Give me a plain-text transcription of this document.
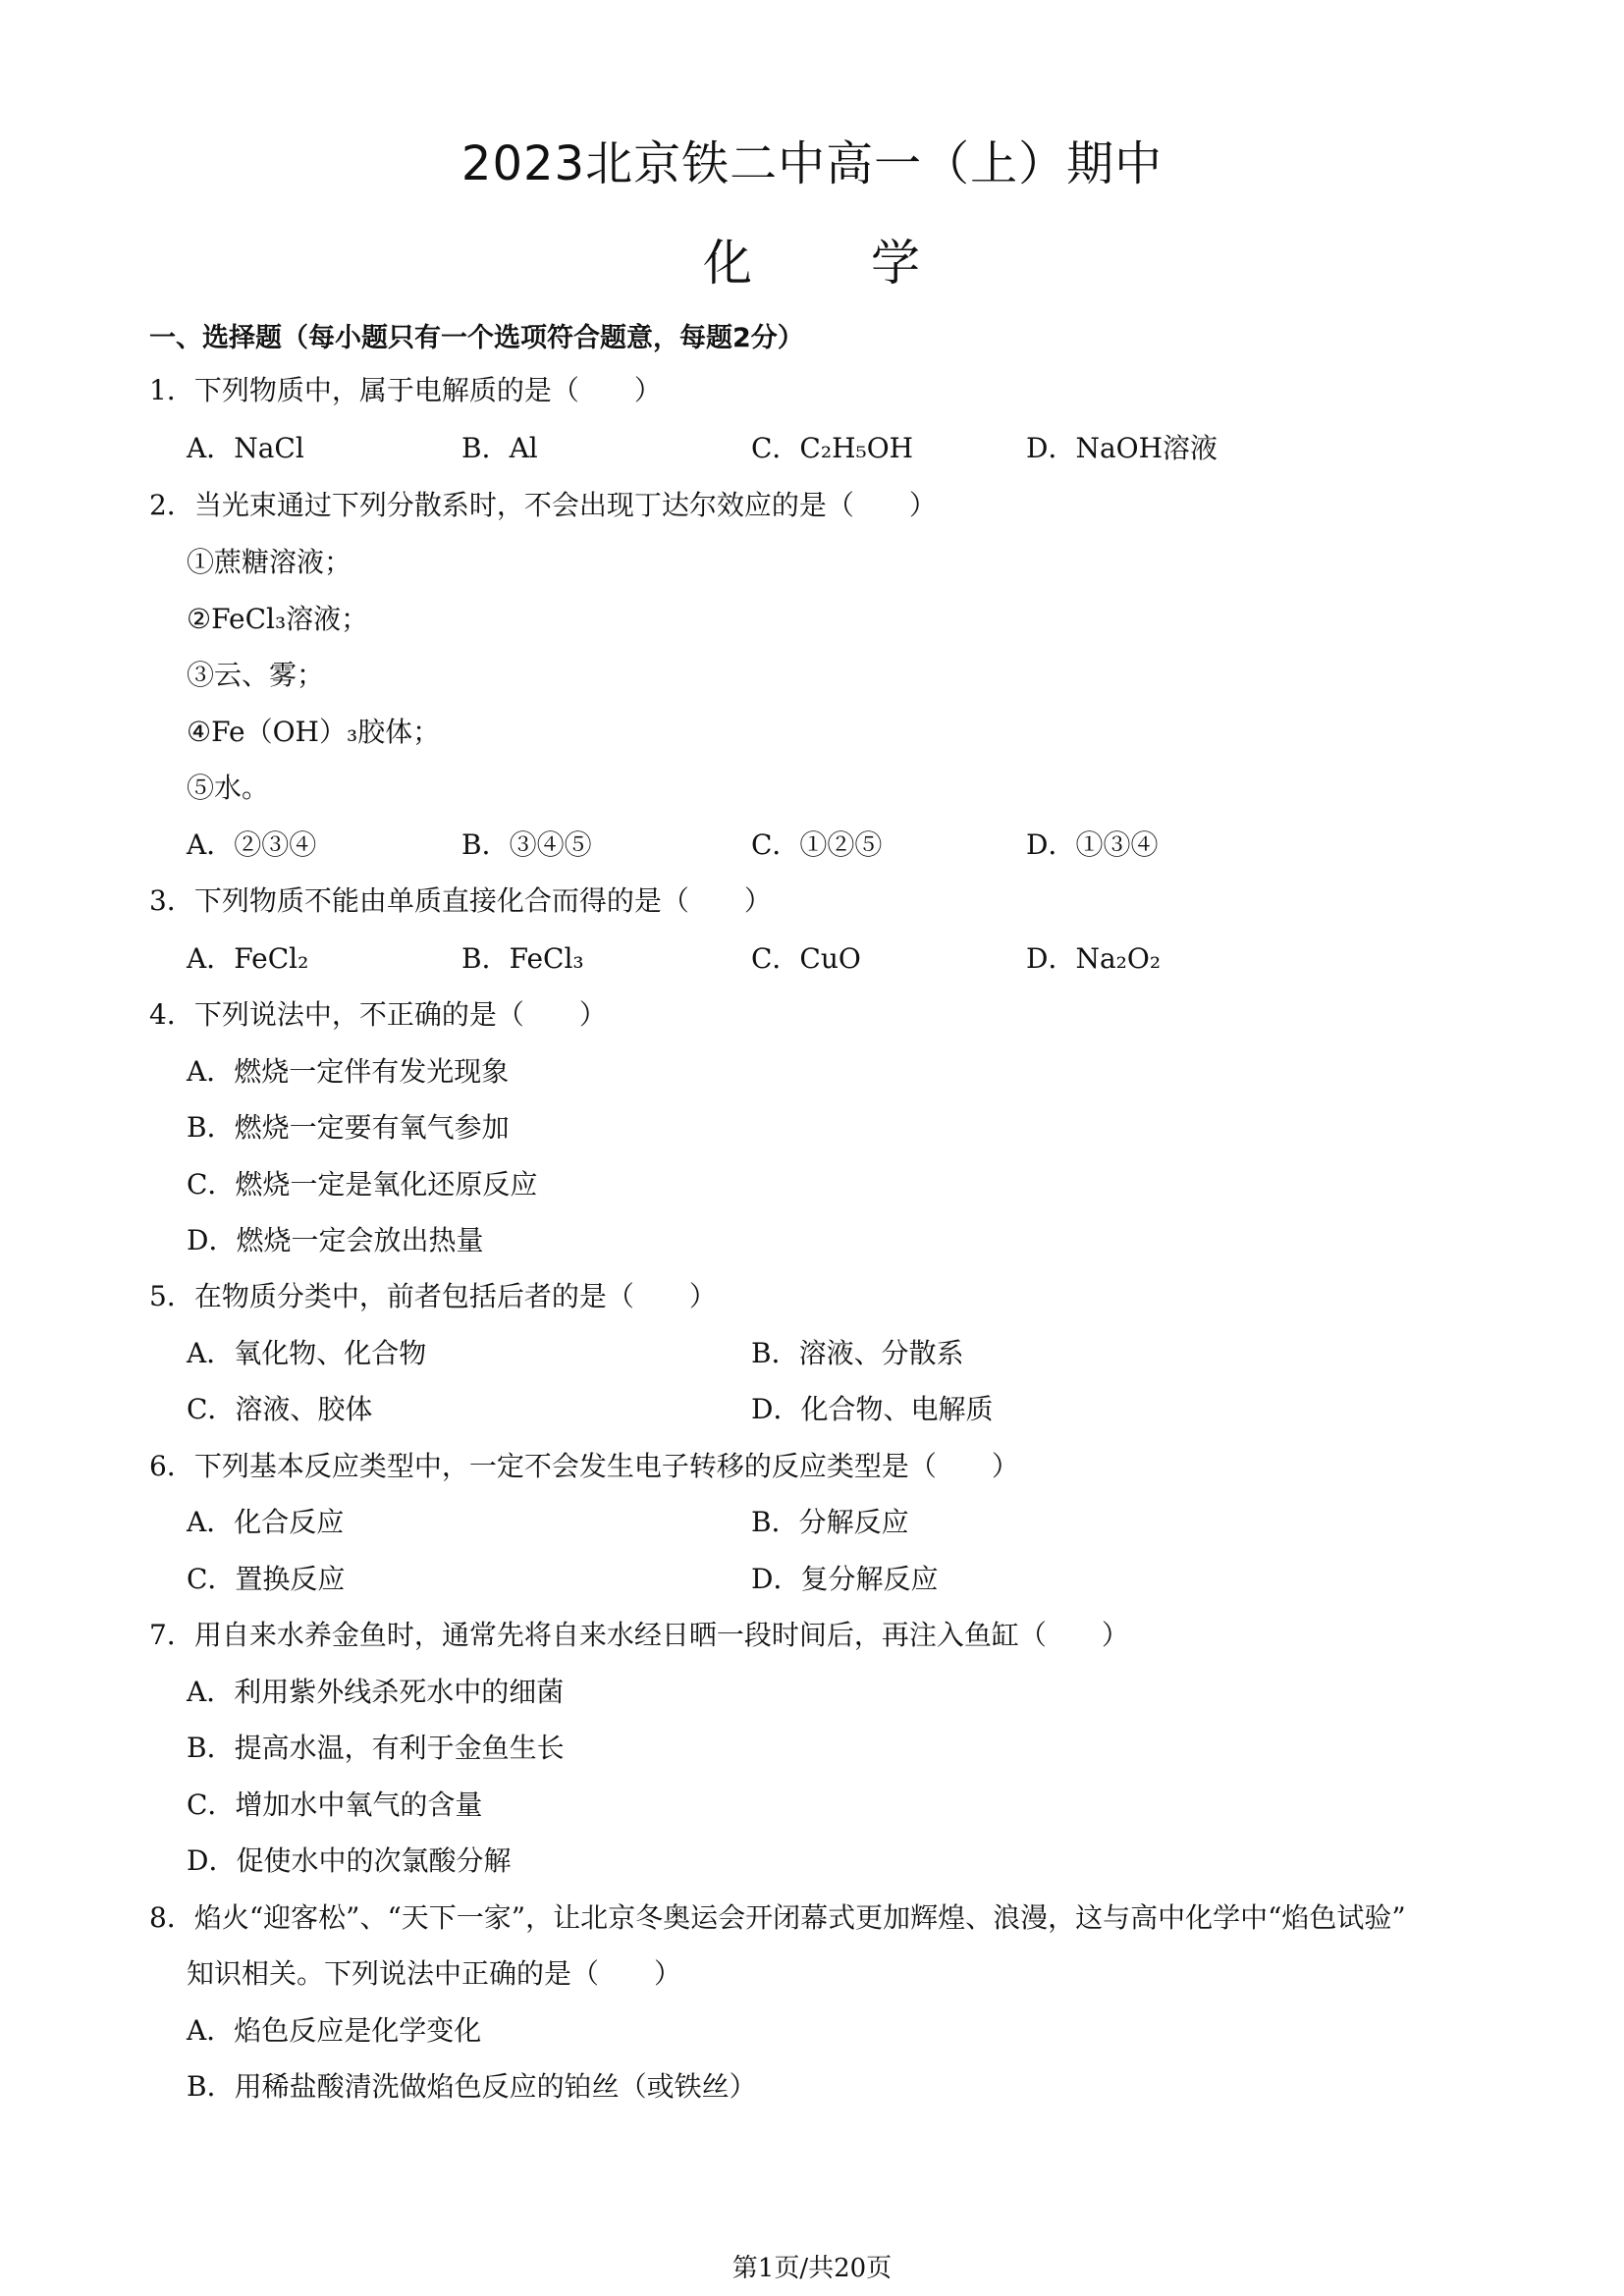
2023北京铁二中高一（上）期中
化 学
一、选择题（每小题只有一个选项符合题意，每题2分）
1．下列物质中，属于电解质的是（　　）
A．NaCl	B．Al	C．C₂H₅OH	D．NaOH溶液
2．当光束通过下列分散系时，不会出现丁达尔效应的是（　　）
①蔗糖溶液；
②FeCl₃溶液；
③云、雾；
④Fe（OH）₃胶体；
⑤水。
A．②③④	B．③④⑤	C．①②⑤	D．①③④
3．下列物质不能由单质直接化合而得的是（　　）
A．FeCl₂	B．FeCl₃	C．CuO	D．Na₂O₂
4．下列说法中，不正确的是（　　）
A．燃烧一定伴有发光现象
B．燃烧一定要有氧气参加
C．燃烧一定是氧化还原反应
D．燃烧一定会放出热量
5．在物质分类中，前者包括后者的是（　　）
A．氧化物、化合物	B．溶液、分散系
C．溶液、胶体	D．化合物、电解质
6．下列基本反应类型中，一定不会发生电子转移的反应类型是（　　）
A．化合反应	B．分解反应
C．置换反应	D．复分解反应
7．用自来水养金鱼时，通常先将自来水经日晒一段时间后，再注入鱼缸（　　）
A．利用紫外线杀死水中的细菌
B．提高水温，有利于金鱼生长
C．增加水中氧气的含量
D．促使水中的次氯酸分解
8．焰火“迎客松”、“天下一家”，让北京冬奥运会开闭幕式更加辉煌、浪漫，这与高中化学中“焰色试验”
知识相关。下列说法中正确的是（　　）
A．焰色反应是化学变化
B．用稀盐酸清洗做焰色反应的铂丝（或铁丝）
第1页/共20页
